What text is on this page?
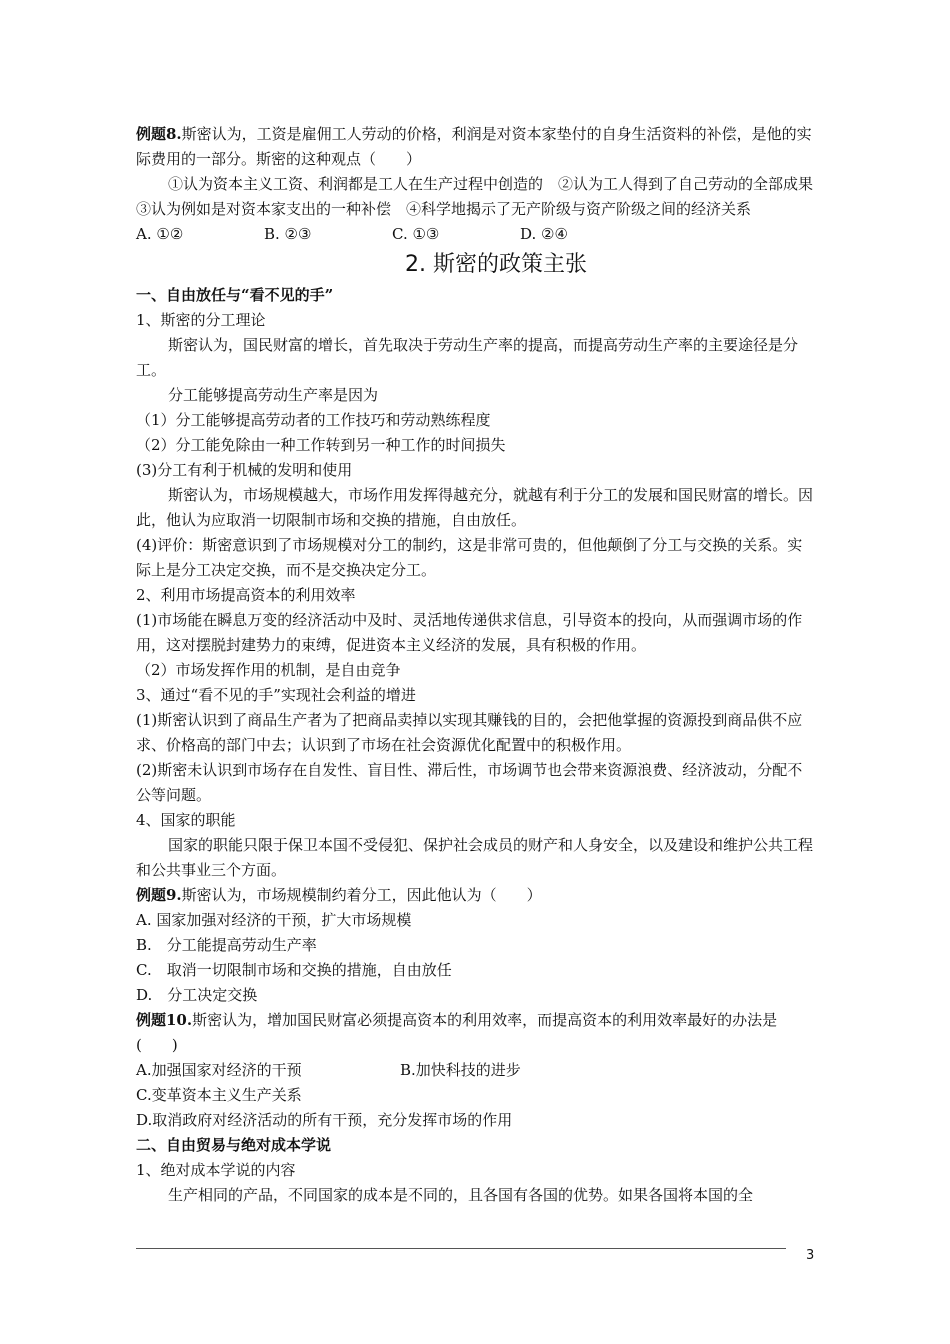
例题8.斯密认为，工资是雇佣工人劳动的价格，利润是对资本家垫付的自身生活资料的补偿，是他的实际费用的一部分。斯密的这种观点（　　）

①认为资本主义工资、利润都是工人在生产过程中创造的　②认为工人得到了自己劳动的全部成果　③认为例如是对资本家支出的一种补偿　④科学地揭示了无产阶级与资产阶级之间的经济关系

A. ①②	B. ②③	C. ①③	D. ②④

2. 斯密的政策主张

一、自由放任与“看不见的手”

1、斯密的分工理论

斯密认为，国民财富的增长，首先取决于劳动生产率的提高，而提高劳动生产率的主要途径是分工。

分工能够提高劳动生产率是因为

（1）分工能够提高劳动者的工作技巧和劳动熟练程度

（2）分工能免除由一种工作转到另一种工作的时间损失

(3)分工有利于机械的发明和使用

斯密认为，市场规模越大，市场作用发挥得越充分，就越有利于分工的发展和国民财富的增长。因此，他认为应取消一切限制市场和交换的措施，自由放任。

(4)评价：斯密意识到了市场规模对分工的制约，这是非常可贵的，但他颠倒了分工与交换的关系。实际上是分工决定交换，而不是交换决定分工。

2、利用市场提高资本的利用效率

(1)市场能在瞬息万变的经济活动中及时、灵活地传递供求信息，引导资本的投向，从而强调市场的作用，这对摆脱封建势力的束缚，促进资本主义经济的发展，具有积极的作用。

（2）市场发挥作用的机制，是自由竞争

3、通过“看不见的手”实现社会利益的增进

(1)斯密认识到了商品生产者为了把商品卖掉以实现其赚钱的目的，会把他掌握的资源投到商品供不应求、价格高的部门中去；认识到了市场在社会资源优化配置中的积极作用。

(2)斯密未认识到市场存在自发性、盲目性、滞后性，市场调节也会带来资源浪费、经济波动，分配不公等问题。

4、国家的职能

国家的职能只限于保卫本国不受侵犯、保护社会成员的财产和人身安全，以及建设和维护公共工程和公共事业三个方面。

例题9.斯密认为，市场规模制约着分工，因此他认为（　　）

A. 国家加强对经济的干预，扩大市场规模

B.　分工能提高劳动生产率

C.　取消一切限制市场和交换的措施，自由放任

D.　分工决定交换

例题10.斯密认为，增加国民财富必须提高资本的利用效率，而提高资本的利用效率最好的办法是(　　)

A.加强国家对经济的干预	B.加快科技的进步

C.变革资本主义生产关系

D.取消政府对经济活动的所有干预，充分发挥市场的作用

二、自由贸易与绝对成本学说

1、绝对成本学说的内容

生产相同的产品，不同国家的成本是不同的，且各国有各国的优势。如果各国将本国的全

3
